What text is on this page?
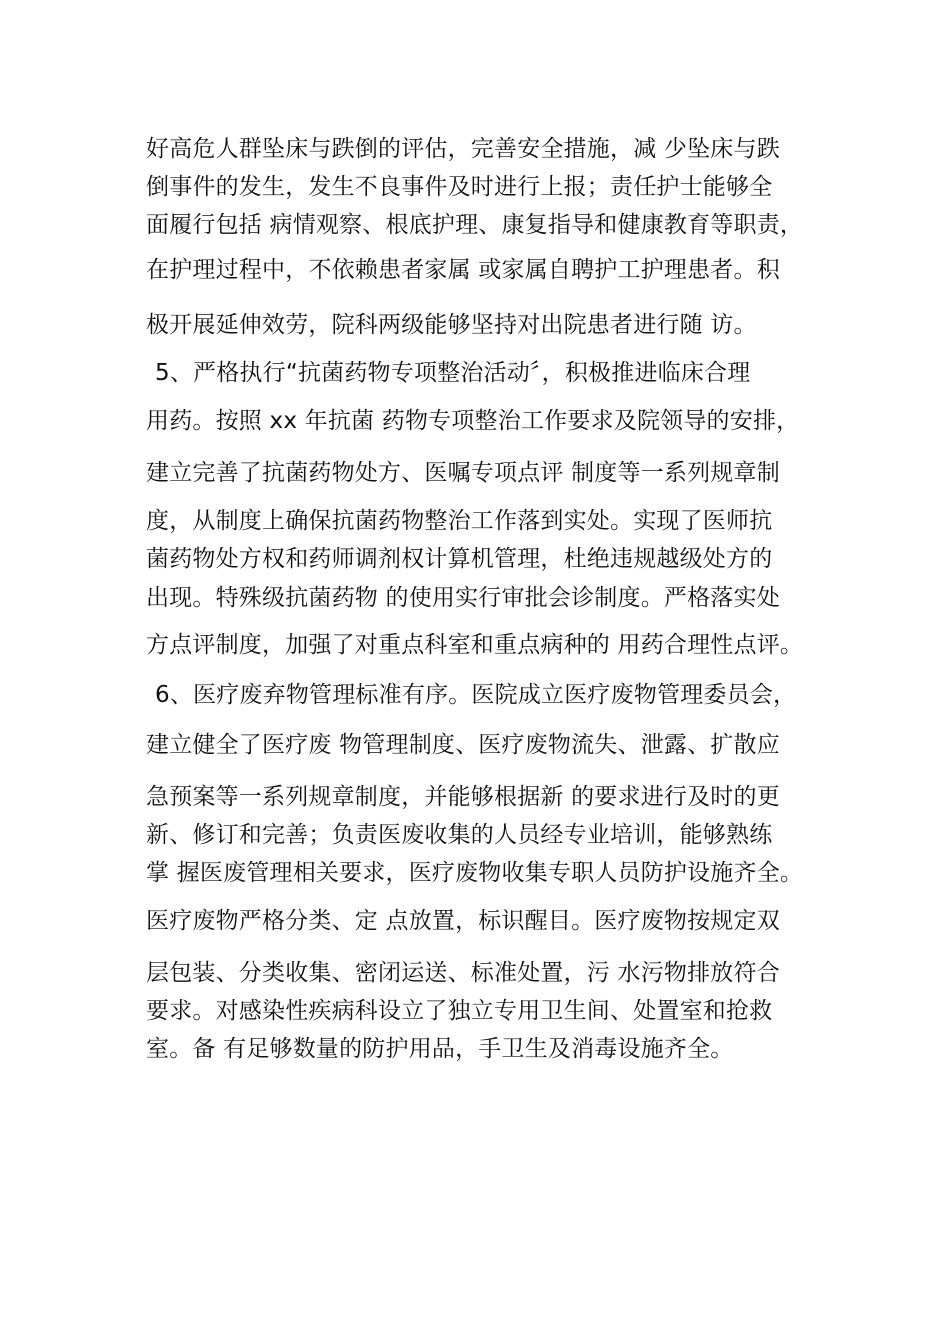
好高危人群坠床与跌倒的评估，完善安全措施，减 少坠床与跌
倒事件的发生，发生不良事件及时进行上报；责任护士能够全
面履行包括 病情观察、根底护理、康复指导和健康教育等职责，
在护理过程中，不依赖患者家属 或家属自聘护工护理患者。积
极开展延伸效劳，院科两级能够坚持对出院患者进行随 访。
5、严格执行“抗菌药物专项整治活动〞，积极推进临床合理
用药。按照 xx 年抗菌 药物专项整治工作要求及院领导的安排，
建立完善了抗菌药物处方、医嘱专项点评 制度等一系列规章制
度，从制度上确保抗菌药物整治工作落到实处。实现了医师抗
菌药物处方权和药师调剂权计算机管理，杜绝违规越级处方的
出现。特殊级抗菌药物 的使用实行审批会诊制度。严格落实处
方点评制度，加强了对重点科室和重点病种的 用药合理性点评。
6、医疗废弃物管理标准有序。医院成立医疗废物管理委员会，
建立健全了医疗废 物管理制度、医疗废物流失、泄露、扩散应
急预案等一系列规章制度，并能够根据新 的要求进行及时的更
新、修订和完善；负责医废收集的人员经专业培训，能够熟练
掌 握医废管理相关要求，医疗废物收集专职人员防护设施齐全。
医疗废物严格分类、定 点放置，标识醒目。医疗废物按规定双
层包装、分类收集、密闭运送、标准处置，污 水污物排放符合
要求。对感染性疾病科设立了独立专用卫生间、处置室和抢救
室。备 有足够数量的防护用品，手卫生及消毒设施齐全。
